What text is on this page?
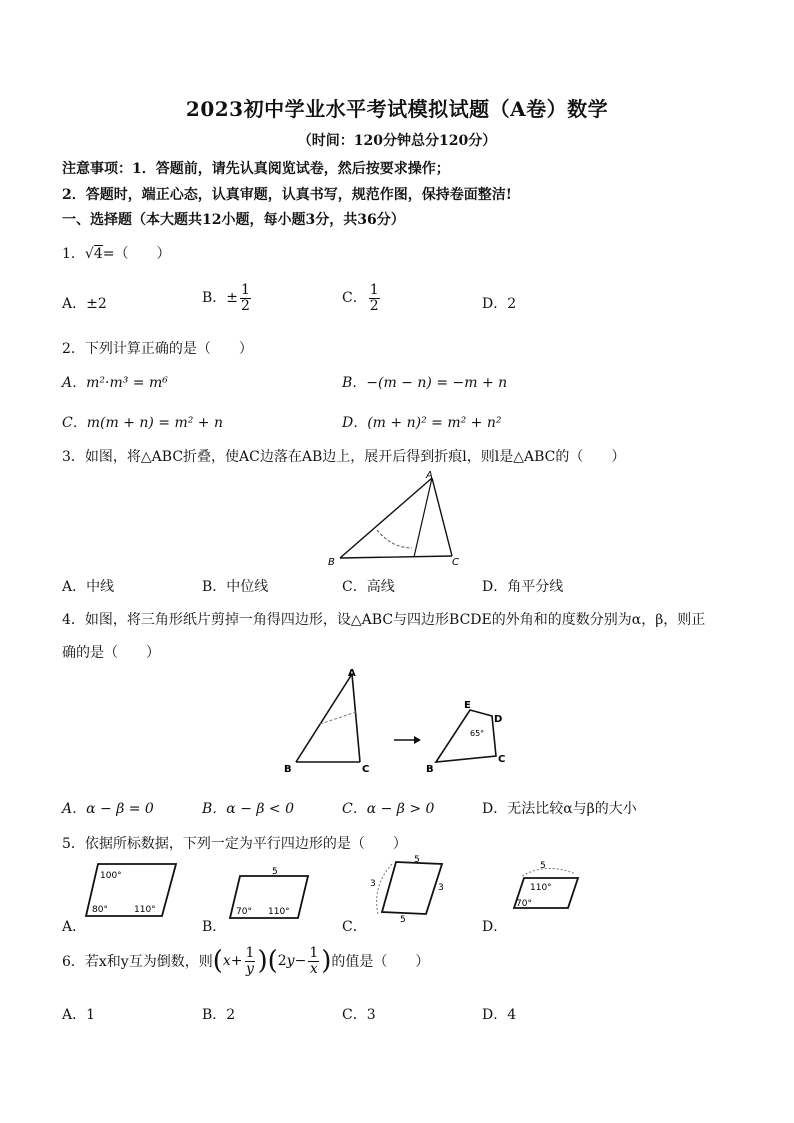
2023初中学业水平考试模拟试题（A卷）数学
（时间：120分钟总分120分）
注意事项：1．答题前，请先认真阅览试卷，然后按要求操作；
2．答题时，端正心态，认真审题，认真书写，规范作图，保持卷面整洁!
一、选择题（本大题共12小题，每小题3分，共36分）
1．√4=（　　）
A．±2	B．± $\frac{1}{2}$	C． $\frac{1}{2}$	D．2
2．下列计算正确的是（　　）
A．m²·m³ = m⁶	B．−(m − n) = −m + n
C．m(m + n) = m² + n	D．(m + n)² = m² + n²
3．如图，将△ABC折叠，使AC边落在AB边上，展开后得到折痕l，则l是△ABC的（　　）
A
B	C
A．中线	B．中位线	C．高线	D．角平分线
4．如图，将三角形纸片剪掉一角得四边形，设△ABC与四边形BCDE的外角和的度数分别为α，β，则正
确的是（　　）
A
B	C
E
D
B
C
65°
A．α − β = 0	B．α − β < 0	C．α − β > 0	D．无法比较α与β的大小
5．依据所标数据，下列一定为平行四边形的是（　　）
100°
80°	110°
5
70° 110°
5
3	3
5
5
110°
70°
A．	B．	C．	D．
6．若x和y互为倒数，则$(x+ \frac{1}{y} )(2y- \frac{1}{x}$ )的值是（　　）
A．1	B．2	C．3	D．4
